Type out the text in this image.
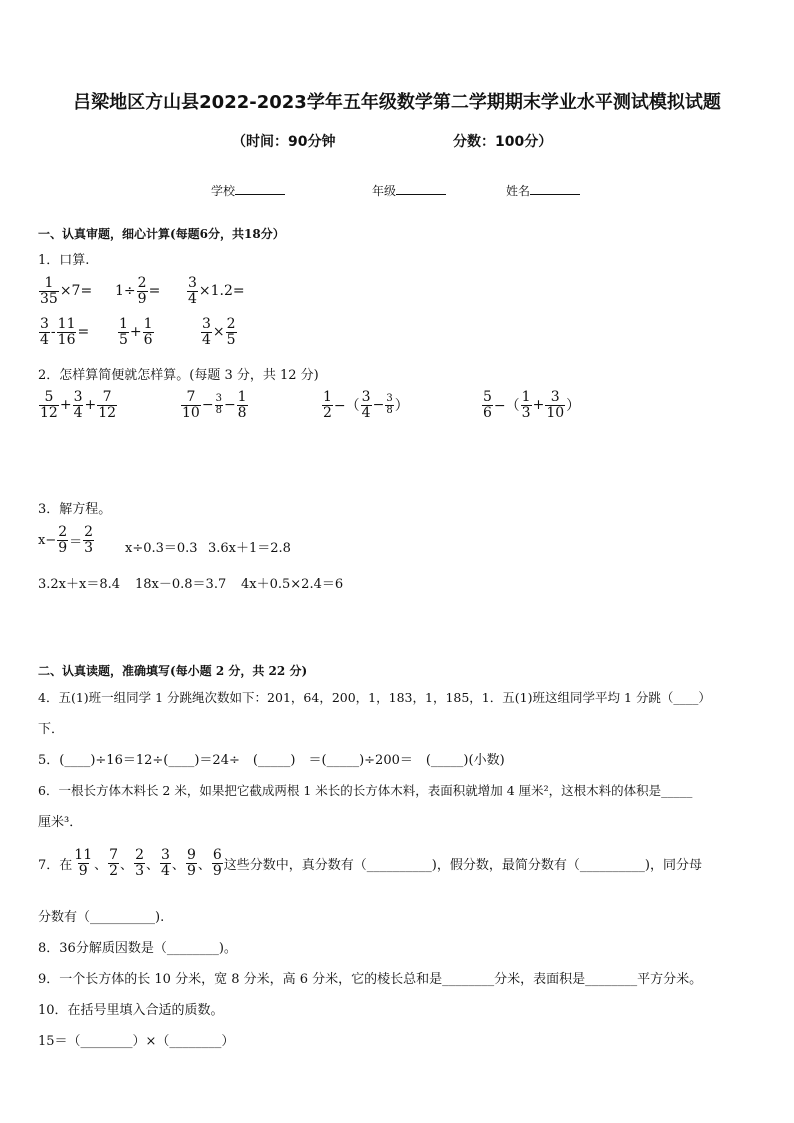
吕梁地区方山县2022-2023学年五年级数学第二学期期末学业水平测试模拟试题
（时间：90分钟	分数：100分）
学校	年级	姓名
一、认真审题，细心计算(每题6分，共18分）
1．口算.
$\frac{1}{35} \times 7= 1\div \frac{2}{9} = \frac{3}{4} \times 1.2=$
$\frac{3}{4} - \frac{11}{16} = \frac{1}{5} + \frac{1}{6}$	$\frac{3}{4} \times \frac{2}{5}$
2．怎样算简便就怎样算。(每题 3 分，共 12 分)
$\frac{5}{12} + \frac{3}{4} + \frac{7}{12}$	$\frac{7}{10} - \frac{3}{8} - \frac{1}{8}$	$\frac{1}{2}$ −（ $\frac{3}{4} - \frac{3}{8}$ ）	$\frac{5}{6}$ −（ $\frac{1}{3} + \frac{3}{10}$ ）
3．解方程。
$x- \frac{2}{9} = \frac{2}{3} x\div 0.3=0.3$ 3.6x＋1＝2.8
3.2x＋x＝8.4 18x－0.8＝3.7 4x＋0.5×2.4＝6
二、认真读题，准确填写(每小题 2 分，共 22 分)
4．五(1)班一组同学 1 分跳绳次数如下：201，64，200，1，183，1，185，1．五(1)班这组同学平均 1 分跳（____）
下．
5．(____)÷16＝12÷(____)＝24÷　(_____)　＝(_____)÷200＝　(_____)(小数)
6．一根长方体木料长 2 米，如果把它截成两根 1 米长的长方体木料，表面积就增加 4 厘米²，这根木料的体积是_____
厘米³．
7．在 $\frac{11}{9}$ 、 $\frac{7}{2}$ 、 $\frac{2}{3}$ 、 $\frac{3}{4}$ 、 $\frac{9}{9}$ 、 $\frac{6}{9}$ 这些分数中，真分数有（__________)，假分数，最简分数有（__________)，同分母
分数有（__________).
8．36分解质因数是（________)。
9．一个长方体的长 10 分米，宽 8 分米，高 6 分米，它的棱长总和是________分米，表面积是________平方分米。
10．在括号里填入合适的质数。
15＝（________）×（________）
